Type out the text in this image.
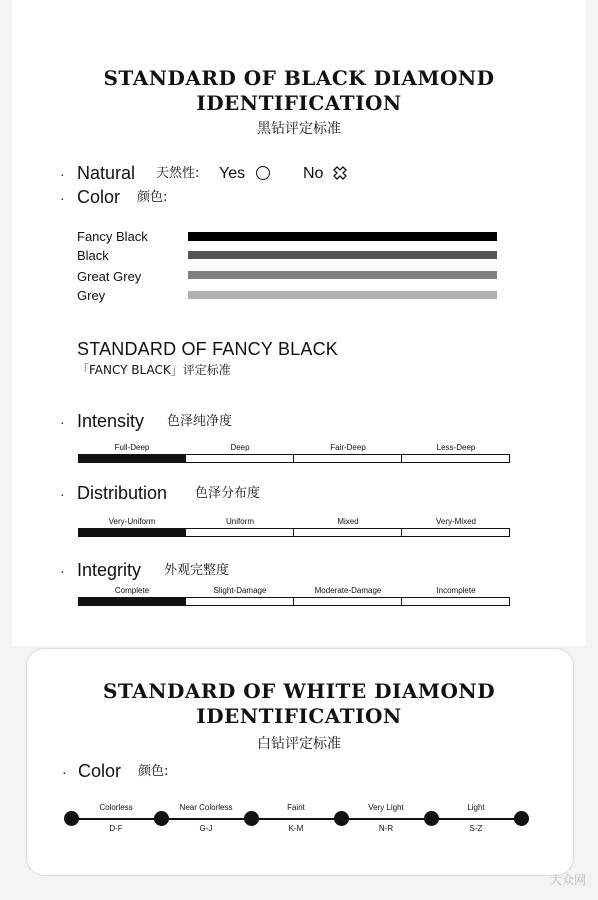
STANDARD OF BLACK DIAMOND
IDENTIFICATION
黑钻评定标准
· Natural 天然性: Yes	No
· Color 颜色:
Fancy Black
Black
Great Grey
Grey
STANDARD OF FANCY BLACK
「FANCY BLACK」评定标准
· Intensity 色泽纯净度
Full-Deep	Deep	Fair-Deep	Less-Deep
· Distribution 色泽分布度
Very-Uniform	Uniform	Mixed	Very-Mixed
· Integrity 外观完整度
Complete	Slight-Damage	Moderate-Damage	Incomplete
STANDARD OF WHITE DIAMOND
IDENTIFICATION
白钻评定标准
· Color 颜色:
Colorless
D-F
Near Colorless
G-J
Faint
K-M
Very Light
N-R
Light
S-Z
大众网
